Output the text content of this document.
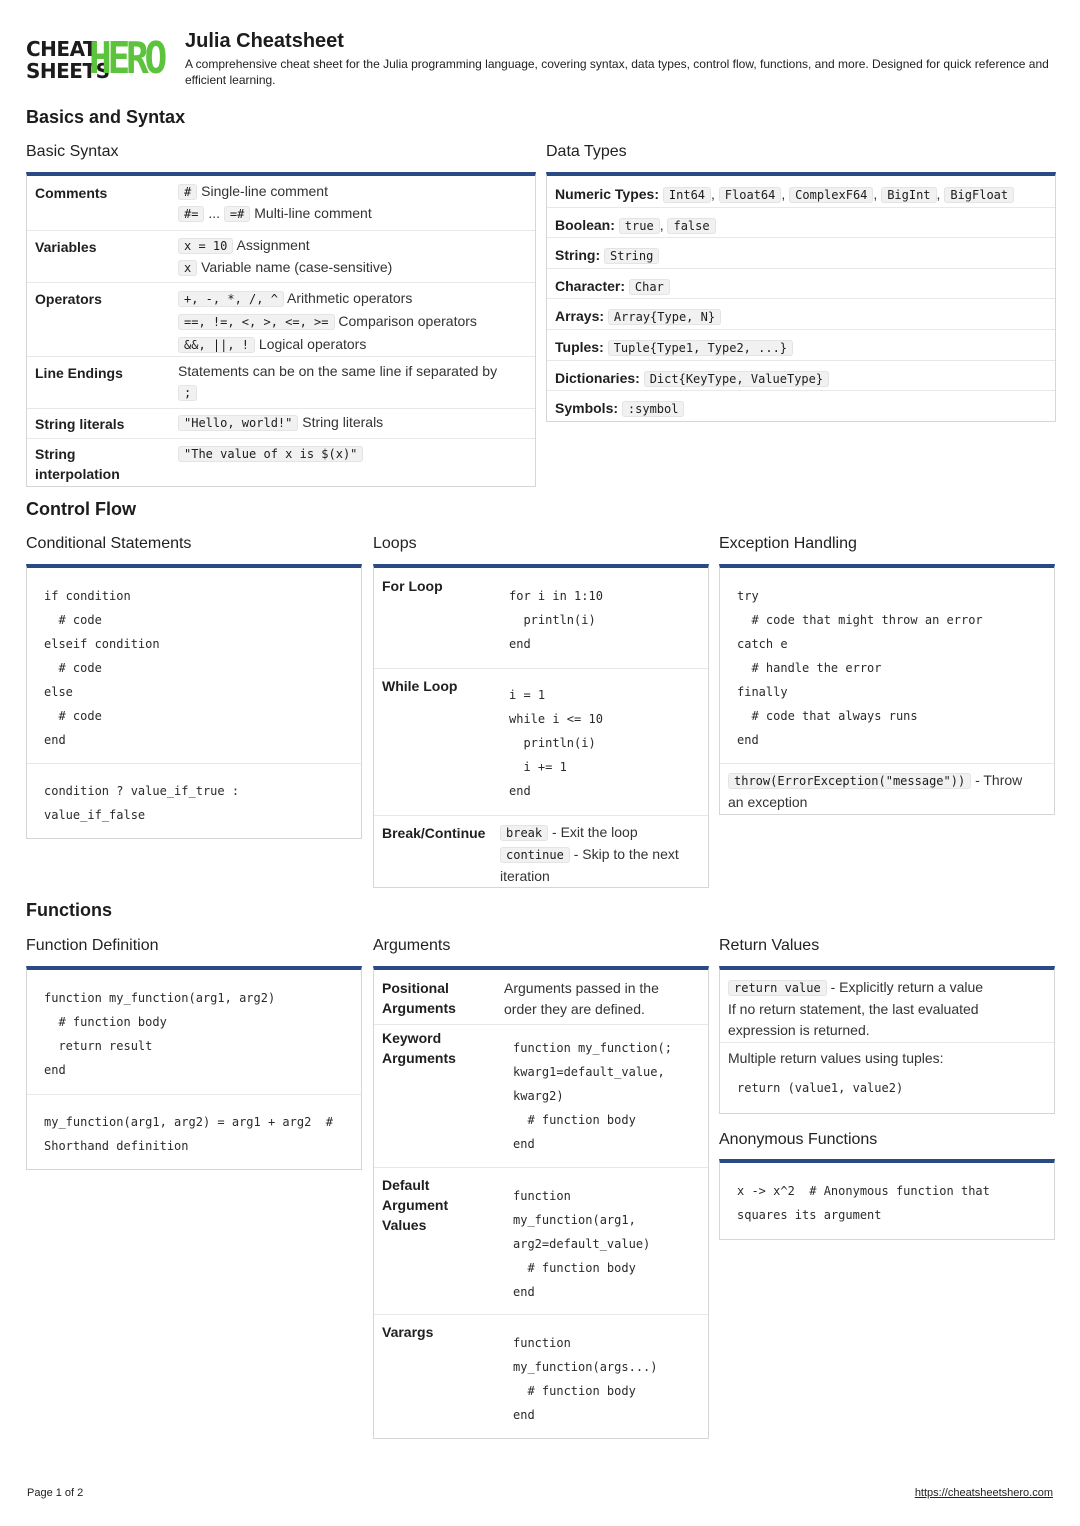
CHEAT
SHEETS
HERO Julia Cheatsheet
A comprehensive cheat sheet for the Julia programming language, covering syntax, data types, control flow, functions, and more. Designed for quick reference and efficient learning.
Basics and Syntax
Basic Syntax
Comments	# Single-line comment
#= ... =# Multi-line comment
Variables	x = 10 Assignment
x Variable name (case-sensitive)
Operators	+, -, *, /, ^ Arithmetic operators
==, !=, <, >, <=, >= Comparison operators
&&, ||, ! Logical operators
Line Endings	Statements can be on the same line if separated by
;
String literals	"Hello, world!" String literals
String
interpolation
"The value of x is $(x)"
Data Types
Numeric Types: Int64 , Float64 , ComplexF64 , BigInt , BigFloat
Boolean: true , false
String: String
Character: Char
Arrays: Array{Type, N}
Tuples: Tuple{Type1, Type2, ...}
Dictionaries: Dict{KeyType, ValueType}
Symbols: :symbol
Control Flow
Conditional Statements
if condition
# code
elseif condition
# code
else
# code
end
condition ? value_if_true :
value_if_false
Loops
For Loop
for i in 1:10
println(i)
end
While Loop
i = 1
while i <= 10
println(i)
i += 1
end
Break/Continue	break - Exit the loop
continue - Skip to the next
iteration
Exception Handling
try
# code that might throw an error
catch e
# handle the error
finally
# code that always runs
end
throw(ErrorException("message")) - Throw
an exception
Functions
Function Definition
function my_function(arg1, arg2)
# function body
return result
end
my_function(arg1, arg2) = arg1 + arg2  #
Shorthand definition
Arguments
Positional
Arguments
Arguments passed in the
order they are defined.
Keyword
Arguments
function my_function(;
kwarg1=default_value,
kwarg2)
# function body
end
Default
Argument
Values
function
my_function(arg1,
arg2=default_value)
# function body
end
Varargs
function
my_function(args...)
# function body
end
Return Values
return value - Explicitly return a value
If no return statement, the last evaluated
expression is returned.
Multiple return values using tuples:
return (value1, value2)
Anonymous Functions
x -> x^2  # Anonymous function that
squares its argument
Page 1 of 2	https://cheatsheetshero.com
